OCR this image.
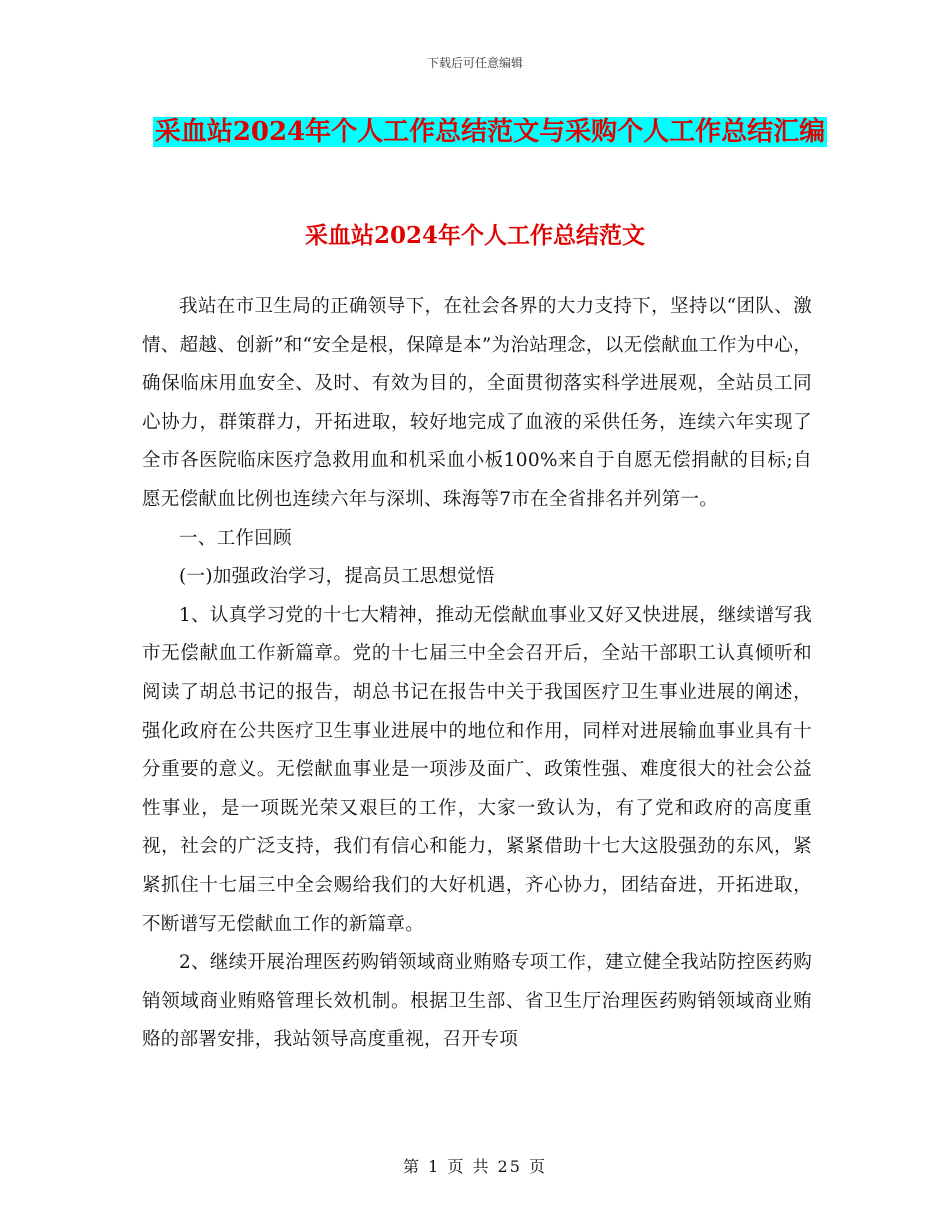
下载后可任意编辑
采血站2024年个人工作总结范文与采购个人工作总结汇编
采血站2024年个人工作总结范文

我站在市卫生局的正确领导下，在社会各界的大力支持下，坚持以“团队、激情、超越、创新”和“安全是根，保障是本”为治站理念，以无偿献血工作为中心，确保临床用血安全、及时、有效为目的，全面贯彻落实科学进展观，全站员工同心协力，群策群力，开拓进取，较好地完成了血液的采供任务，连续六年实现了全市各医院临床医疗急救用血和机采血小板100%来自于自愿无偿捐献的目标;自愿无偿献血比例也连续六年与深圳、珠海等7市在全省排名并列第一。

一、工作回顾

(一)加强政治学习，提高员工思想觉悟

1、认真学习党的十七大精神，推动无偿献血事业又好又快进展，继续谱写我市无偿献血工作新篇章。党的十七届三中全会召开后，全站干部职工认真倾听和阅读了胡总书记的报告，胡总书记在报告中关于我国医疗卫生事业进展的阐述，强化政府在公共医疗卫生事业进展中的地位和作用，同样对进展输血事业具有十分重要的意义。无偿献血事业是一项涉及面广、政策性强、难度很大的社会公益性事业，是一项既光荣又艰巨的工作，大家一致认为，有了党和政府的高度重视，社会的广泛支持，我们有信心和能力，紧紧借助十七大这股强劲的东风，紧紧抓住十七届三中全会赐给我们的大好机遇，齐心协力，团结奋进，开拓进取，不断谱写无偿献血工作的新篇章。

2、继续开展治理医药购销领域商业贿赂专项工作，建立健全我站防控医药购销领域商业贿赂管理长效机制。根据卫生部、省卫生厅治理医药购销领域商业贿赂的部署安排，我站领导高度重视，召开专项

第 1 页 共 25 页
